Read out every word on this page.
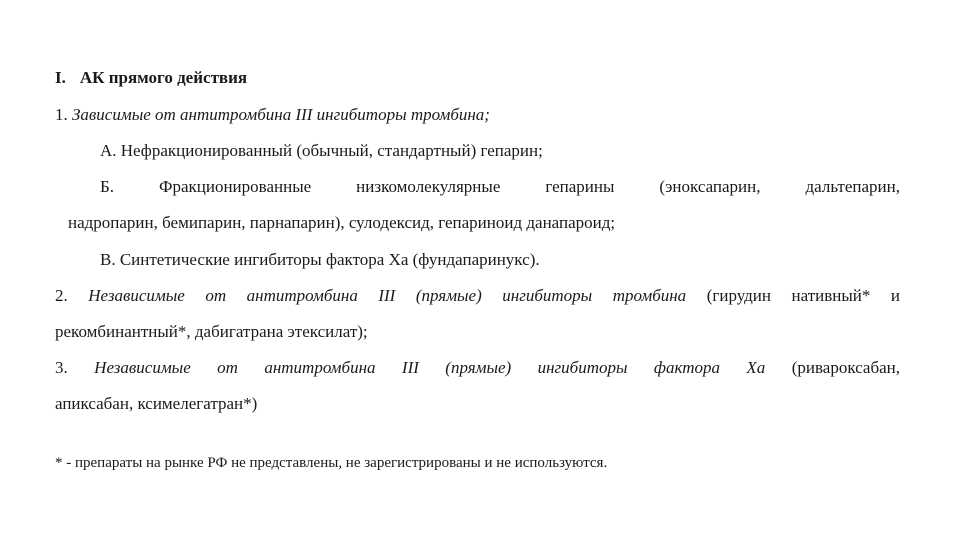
I. АК прямого действия
1. Зависимые от антитромбина III ингибиторы тромбина;
А. Нефракционированный (обычный, стандартный) гепарин;
Б. Фракционированные низкомолекулярные гепарины (эноксапарин, дальтепарин,
надропарин, бемипарин, парнапарин), сулодексид, гепариноид данапароид;
В. Синтетические ингибиторы фактора Ха (фундапаринукс).
2. Независимые от антитромбина III (прямые) ингибиторы тромбина (гирудин нативный* и
рекомбинантный*, дабигатрана этексилат);
3. Независимые от антитромбина III (прямые) ингибиторы фактора Ха (ривароксабан,
апиксабан, ксимелегатран*)
* - препараты на рынке РФ не представлены, не зарегистрированы и не используются.
